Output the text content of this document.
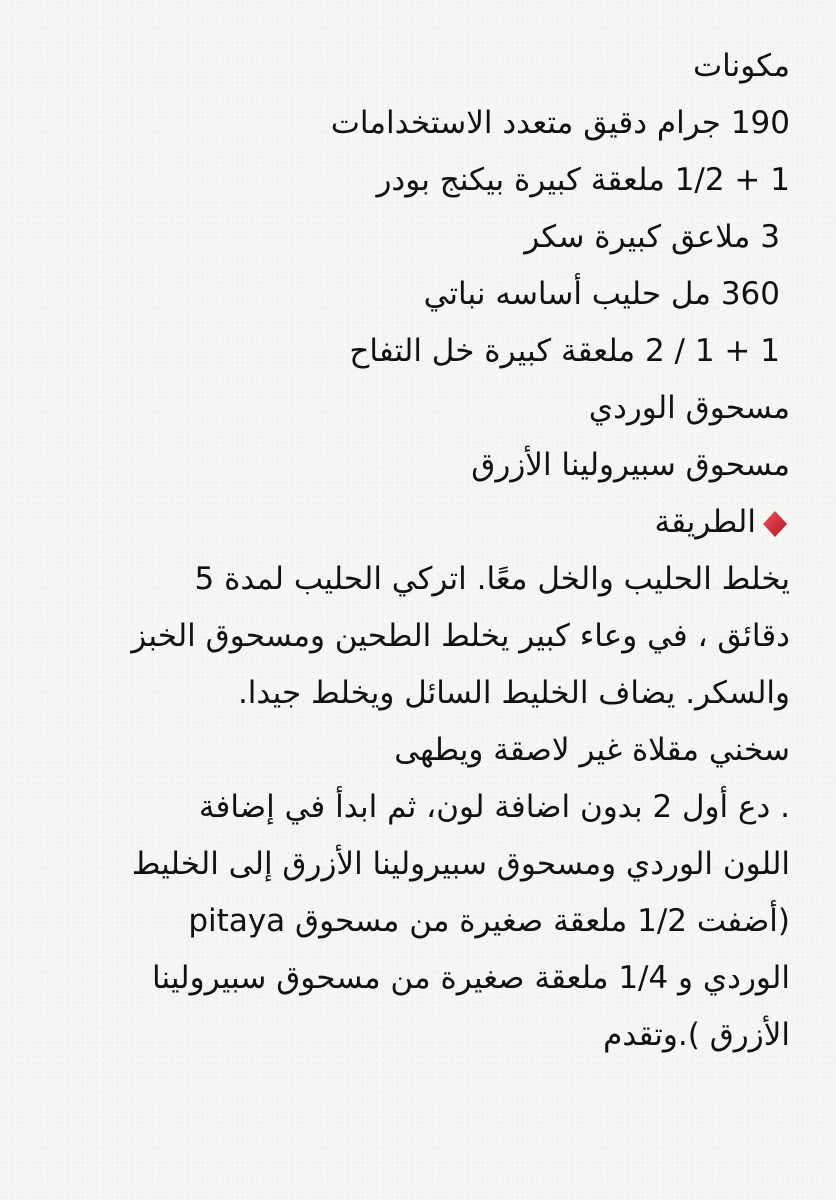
مكونات
190 جرام دقيق متعدد الاستخدامات
1 + 1/2 ملعقة كبيرة بيكنج بودر
3 ملاعق كبيرة سكر
360 مل حليب أساسه نباتي
1 + 1 / 2 ملعقة كبيرة خل التفاح
مسحوق الوردي
مسحوق سبيرولينا الأزرق
الطريقة
يخلط الحليب والخل معًا. اتركي الحليب لمدة 5
دقائق ، في وعاء كبير يخلط الطحين ومسحوق الخبز
والسكر. يضاف الخليط السائل ويخلط جيدا.
سخني مقلاة غير لاصقة ويطهى
. دع أول 2 بدون اضافة لون، ثم ابدأ في إضافة
اللون الوردي ومسحوق سبيرولينا الأزرق إلى الخليط
(أضفت 1/2 ملعقة صغيرة من مسحوق pitaya
الوردي و 1/4 ملعقة صغيرة من مسحوق سبيرولينا
الأزرق ).وتقدم
